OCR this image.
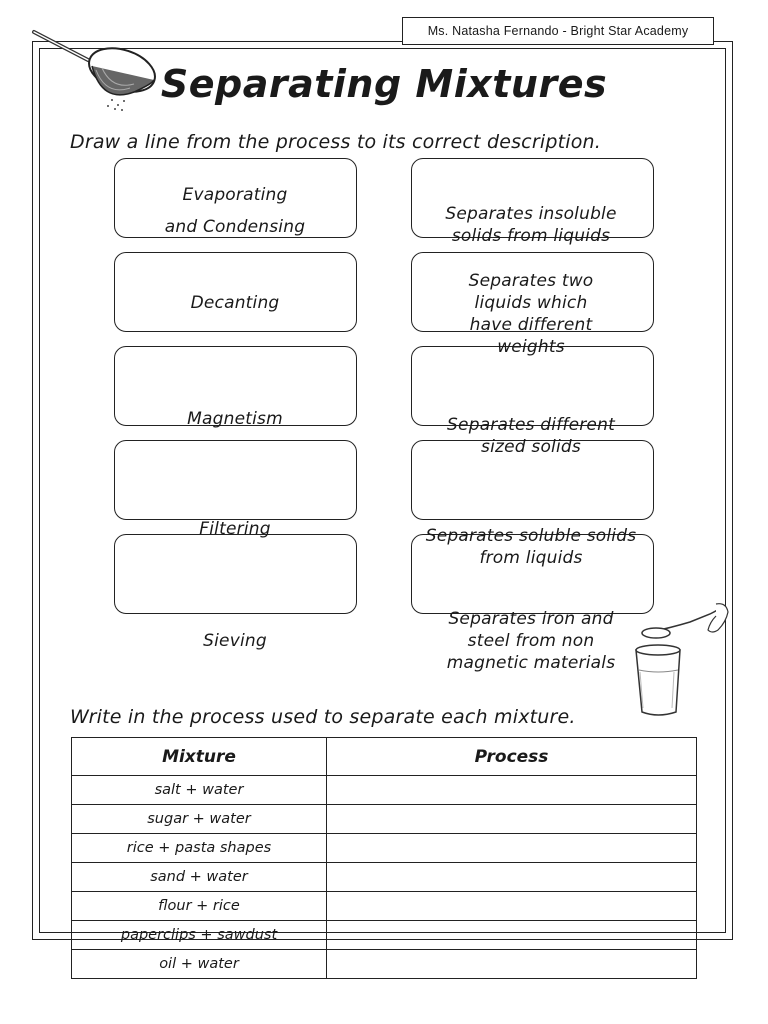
Ms. Natasha Fernando - Bright Star Academy
Separating Mixtures
Draw a line from the process to its correct description.
Evaporating
and Condensing
Decanting
Magnetism
Filtering
Sieving
Separates insoluble
solids from liquids
Separates two
liquids which
have different
weights
Separates different
sized solids
Separates soluble solids
from liquids
Separates iron and
steel from non
magnetic materials
Write in the process used to separate each mixture.
Mixture	Process
salt + water	
sugar + water	
rice + pasta shapes	
sand + water	
flour + rice	
paperclips + sawdust	
oil + water	
